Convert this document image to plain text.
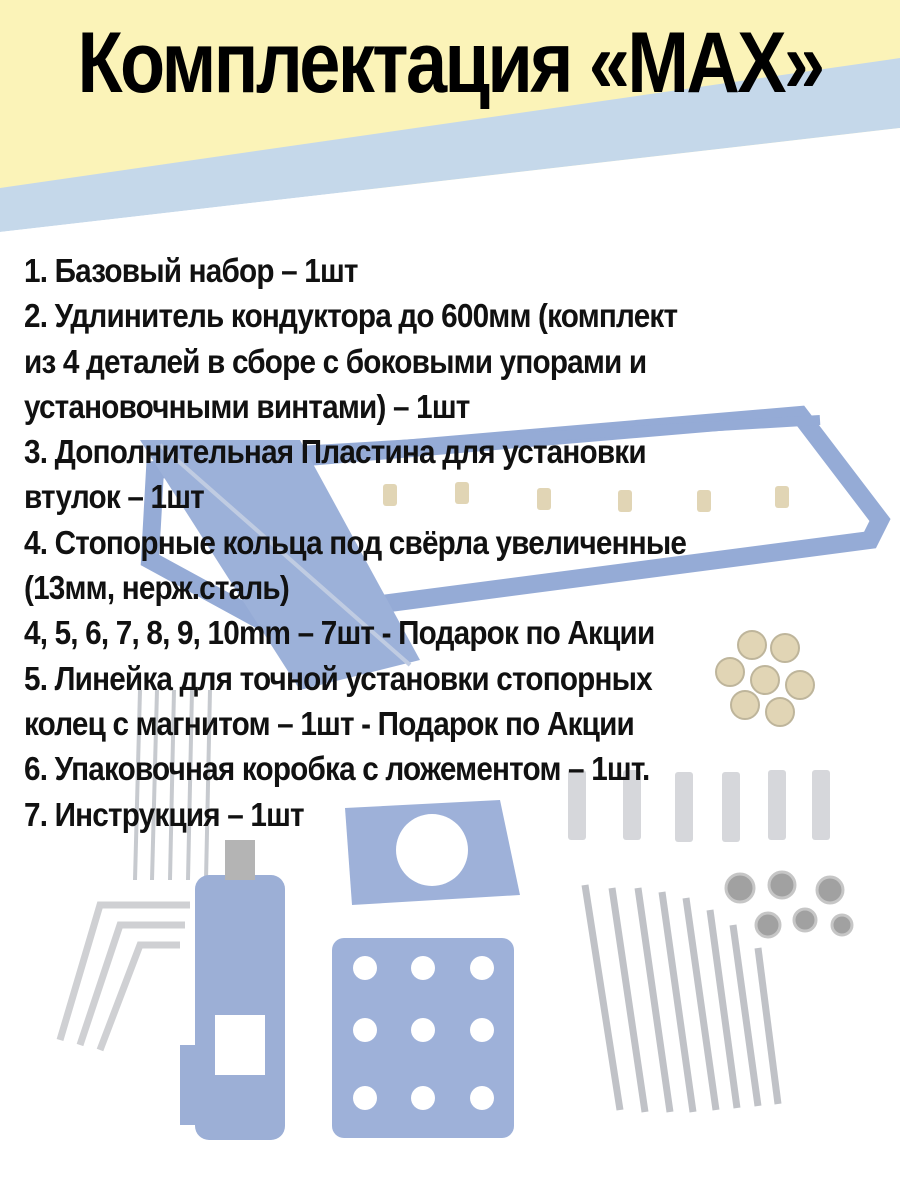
Комплектация «МАХ»
1. Базовый набор – 1шт
2. Удлинитель кондуктора до 600мм (комплект
из 4 деталей в сборе с боковыми упорами и
установочными винтами) – 1шт
3. Дополнительная Пластина для установки
втулок – 1шт
4. Стопорные кольца под свёрла увеличенные
(13мм, нерж.сталь)
4, 5, 6, 7, 8, 9, 10mm – 7шт - Подарок по Акции
5. Линейка для точной установки стопорных
колец с магнитом – 1шт - Подарок по Акции
6. Упаковочная коробка с ложементом – 1шт.
7. Инструкция – 1шт
